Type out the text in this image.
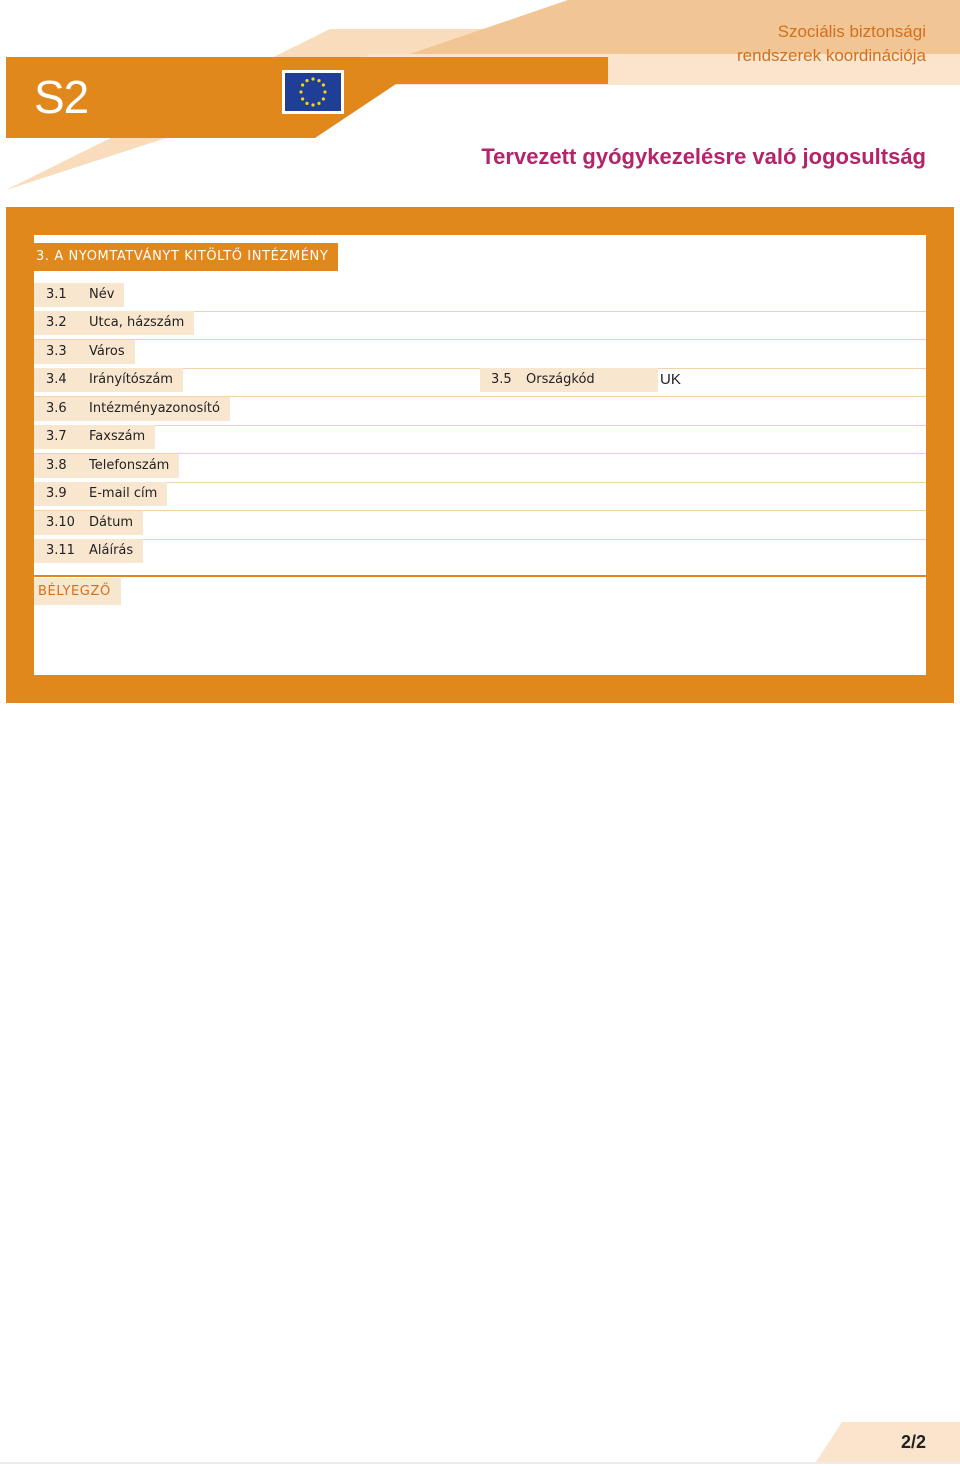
S2
Szociális biztonsági
rendszerek koordinációja
Tervezett gyógykezelésre való jogosultság
3. A NYOMTATVÁNYT KITÖLTŐ INTÉZMÉNY
3.1 Név
3.2 Utca, házszám
3.3 Város
3.4 Irányítószám	3.5 Országkód	UK
3.6 Intézményazonosító
3.7 Faxszám
3.8 Telefonszám
3.9 E-mail cím
3.10 Dátum
3.11 Aláírás
BÉLYEGZŐ
2/2
